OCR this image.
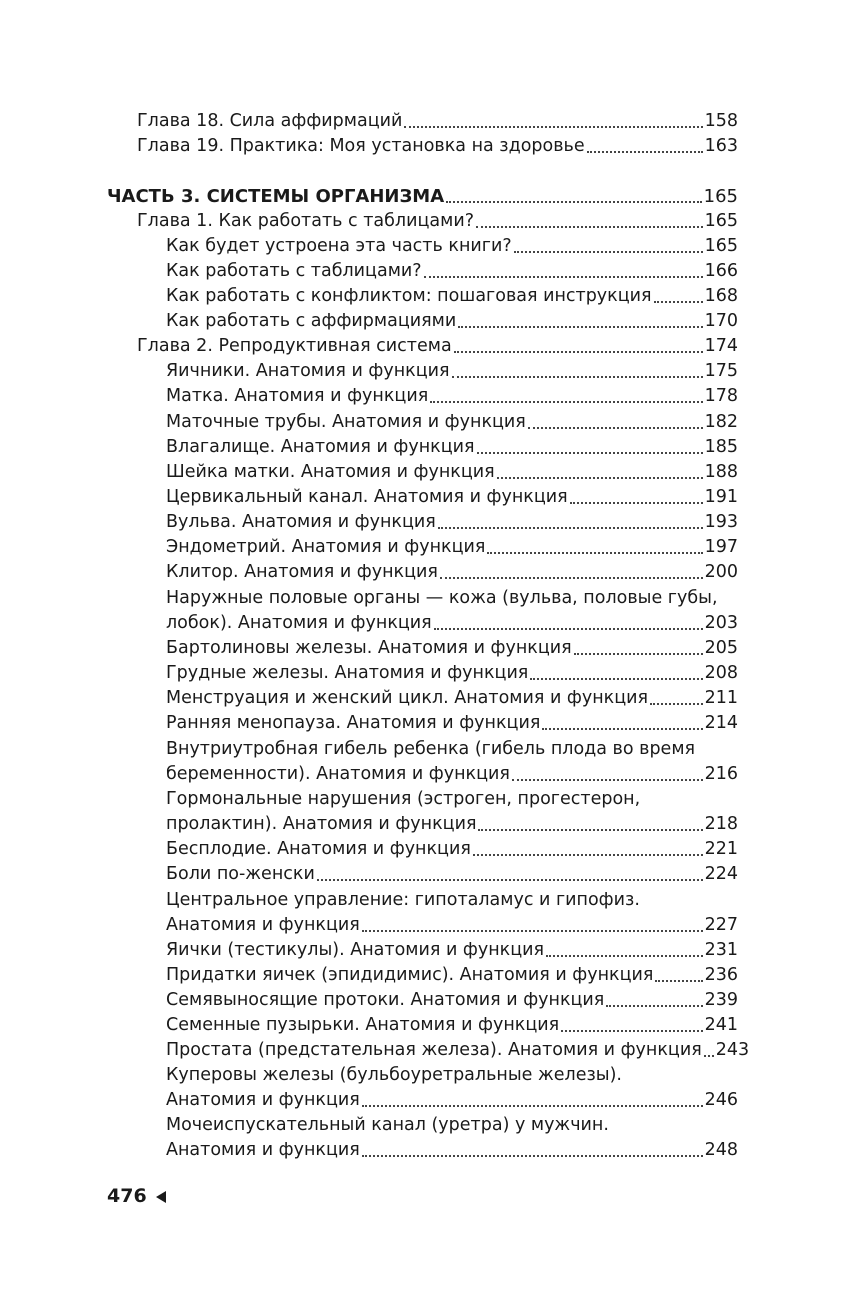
Глава 18. Сила аффирмаций	158
Глава 19. Практика: Моя установка на здоровье	163
ЧАСТЬ 3. СИСТЕМЫ ОРГАНИЗМА	165
Глава 1. Как работать с таблицами?	165
Как будет устроена эта часть книги?	165
Как работать с таблицами?	166
Как работать с конфликтом: пошаговая инструкция	168
Как работать с аффирмациями	170
Глава 2. Репродуктивная система	174
Яичники. Анатомия и функция	175
Матка. Анатомия и функция	178
Маточные трубы. Анатомия и функция	182
Влагалище. Анатомия и функция	185
Шейка матки. Анатомия и функция	188
Цервикальный канал. Анатомия и функция	191
Вульва. Анатомия и функция	193
Эндометрий. Анатомия и функция	197
Клитор. Анатомия и функция	200
Наружные половые органы — кожа (вульва, половые губы,
лобок). Анатомия и функция	203
Бартолиновы железы. Анатомия и функция	205
Грудные железы. Анатомия и функция	208
Менструация и женский цикл. Анатомия и функция	211
Ранняя менопауза. Анатомия и функция	214
Внутриутробная гибель ребенка (гибель плода во время
беременности). Анатомия и функция	216
Гормональные нарушения (эстроген, прогестерон,
пролактин). Анатомия и функция	218
Бесплодие. Анатомия и функция	221
Боли по-женски	224
Центральное управление: гипоталамус и гипофиз.
Анатомия и функция	227
Яички (тестикулы). Анатомия и функция	231
Придатки яичек (эпидидимис). Анатомия и функция	236
Семявыносящие протоки. Анатомия и функция	239
Семенные пузырьки. Анатомия и функция	241
Простата (предстательная железа). Анатомия и функция 243
Куперовы железы (бульбоуретральные железы).
Анатомия и функция	246
Мочеиспускательный канал (уретра) у мужчин.
Анатомия и функция	248
476
